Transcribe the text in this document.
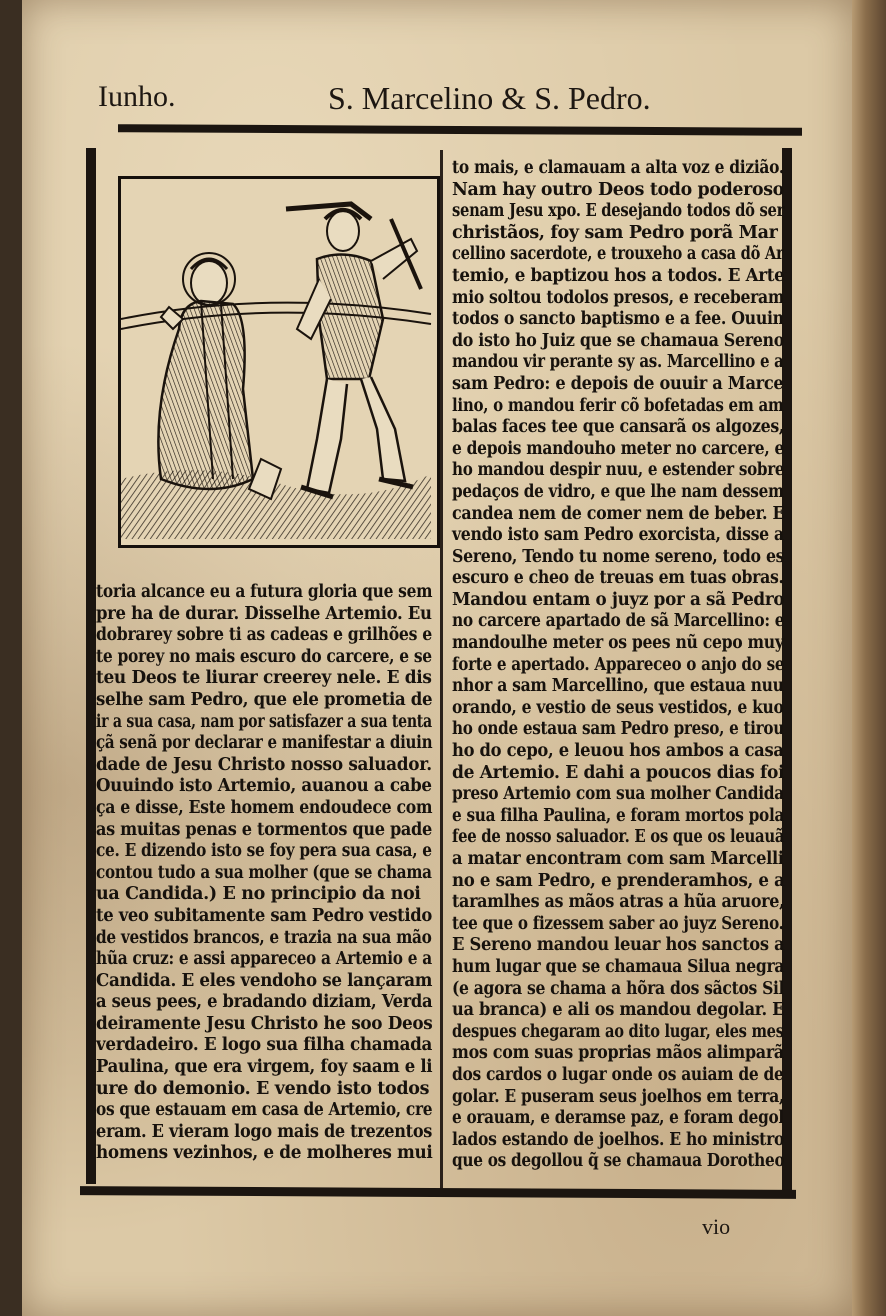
Iunho.	S. Marcelino & S. Pedro.
toria alcance eu a futura gloria que sem
pre ha de durar. Disselhe Artemio. Eu
dobrarey sobre ti as cadeas e grilhões e
te porey no mais escuro do carcere, e se
teu Deos te liurar creerey nele. E dis
selhe sam Pedro, que ele prometia de
ir a sua casa, nam por satisfazer a sua tenta
çã senã por declarar e manifestar a diuin
dade de Jesu Christo nosso saluador.
Ouuindo isto Artemio, auanou a cabe
ça e disse, Este homem endoudece com
as muitas penas e tormentos que pade
ce. E dizendo isto se foy pera sua casa, e
contou tudo a sua molher (que se chama
ua Candida.) E no principio da noi
te veo subitamente sam Pedro vestido
de vestidos brancos, e trazia na sua mão
hũa cruz: e assi appareceo a Artemio e a
Candida. E eles vendoho se lançaram
a seus pees, e bradando diziam, Verda
deiramente Jesu Christo he soo Deos
verdadeiro. E logo sua filha chamada
Paulina, que era virgem, foy saam e li
ure do demonio. E vendo isto todos
os que estauam em casa de Artemio, cre
eram. E vieram logo mais de trezentos
homens vezinhos, e de molheres mui
to mais, e clamauam a alta voz e dizião.
Nam hay outro Deos todo poderoso
senam Jesu xpo. E desejando todos dõ ser
christãos, foy sam Pedro porã Mar
cellino sacerdote, e trouxeho a casa dõ Ar
temio, e baptizou hos a todos. E Arte
mio soltou todolos presos, e receberam
todos o sancto baptismo e a fee. Ouuin
do isto ho Juiz que se chamaua Sereno
mandou vir perante sy as. Marcellino e a
sam Pedro: e depois de ouuir a Marce
lino, o mandou ferir cõ bofetadas em am
balas faces tee que cansarã os algozes,
e depois mandouho meter no carcere, e
ho mandou despir nuu, e estender sobre
pedaços de vidro, e que lhe nam dessem
candea nem de comer nem de beber. E
vendo isto sam Pedro exorcista, disse a
Sereno, Tendo tu nome sereno, todo es
escuro e cheo de treuas em tuas obras.
Mandou entam o juyz por a sã Pedro
no carcere apartado de sã Marcellino: e
mandoulhe meter os pees nũ cepo muy
forte e apertado. Appareceo o anjo do se
nhor a sam Marcellino, que estaua nuu
orando, e vestio de seus vestidos, e kuo
ho onde estaua sam Pedro preso, e tirou
ho do cepo, e leuou hos ambos a casa
de Artemio. E dahi a poucos dias foi
preso Artemio com sua molher Candida
e sua filha Paulina, e foram mortos pola
fee de nosso saluador. E os que os leuauã
a matar encontram com sam Marcelli
no e sam Pedro, e prenderamhos, e a
taramlhes as mãos atras a hũa aruore,
tee que o fizessem saber ao juyz Sereno.
E Sereno mandou leuar hos sanctos a
hum lugar que se chamaua Silua negra
(e agora se chama a hõra dos sãctos Sil
ua branca) e ali os mandou degolar. E
despues chegaram ao dito lugar, eles mes
mos com suas proprias mãos alimparã
dos cardos o lugar onde os auiam de de
golar. E puseram seus joelhos em terra,
e orauam, e deramse paz, e foram degol
lados estando de joelhos. E ho ministro
que os degollou q̃ se chamaua Dorotheo
vio
